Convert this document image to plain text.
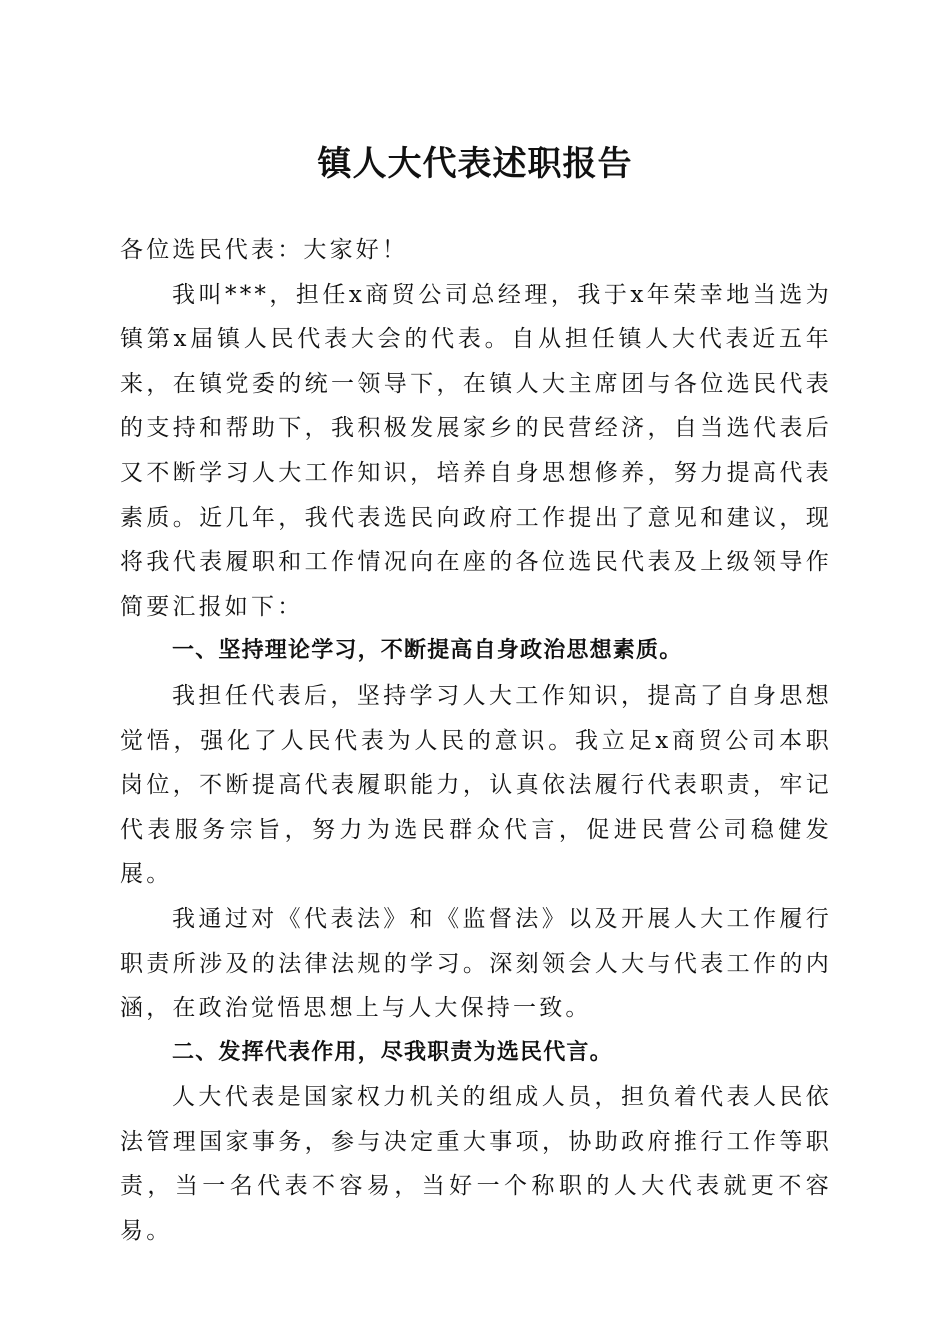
镇人大代表述职报告

各位选民代表：大家好！

我叫***，担任x商贸公司总经理，我于x年荣幸地当选为镇第x届镇人民代表大会的代表。自从担任镇人大代表近五年来，在镇党委的统一领导下，在镇人大主席团与各位选民代表的支持和帮助下，我积极发展家乡的民营经济，自当选代表后又不断学习人大工作知识，培养自身思想修养，努力提高代表素质。近几年，我代表选民向政府工作提出了意见和建议，现将我代表履职和工作情况向在座的各位选民代表及上级领导作简要汇报如下：

一、坚持理论学习，不断提高自身政治思想素质。

我担任代表后，坚持学习人大工作知识，提高了自身思想觉悟，强化了人民代表为人民的意识。我立足x商贸公司本职岗位，不断提高代表履职能力，认真依法履行代表职责，牢记代表服务宗旨，努力为选民群众代言，促进民营公司稳健发展。

我通过对《代表法》和《监督法》以及开展人大工作履行职责所涉及的法律法规的学习。深刻领会人大与代表工作的内涵，在政治觉悟思想上与人大保持一致。

二、发挥代表作用，尽我职责为选民代言。

人大代表是国家权力机关的组成人员，担负着代表人民依法管理国家事务，参与决定重大事项，协助政府推行工作等职责，当一名代表不容易，当好一个称职的人大代表就更不容易。
